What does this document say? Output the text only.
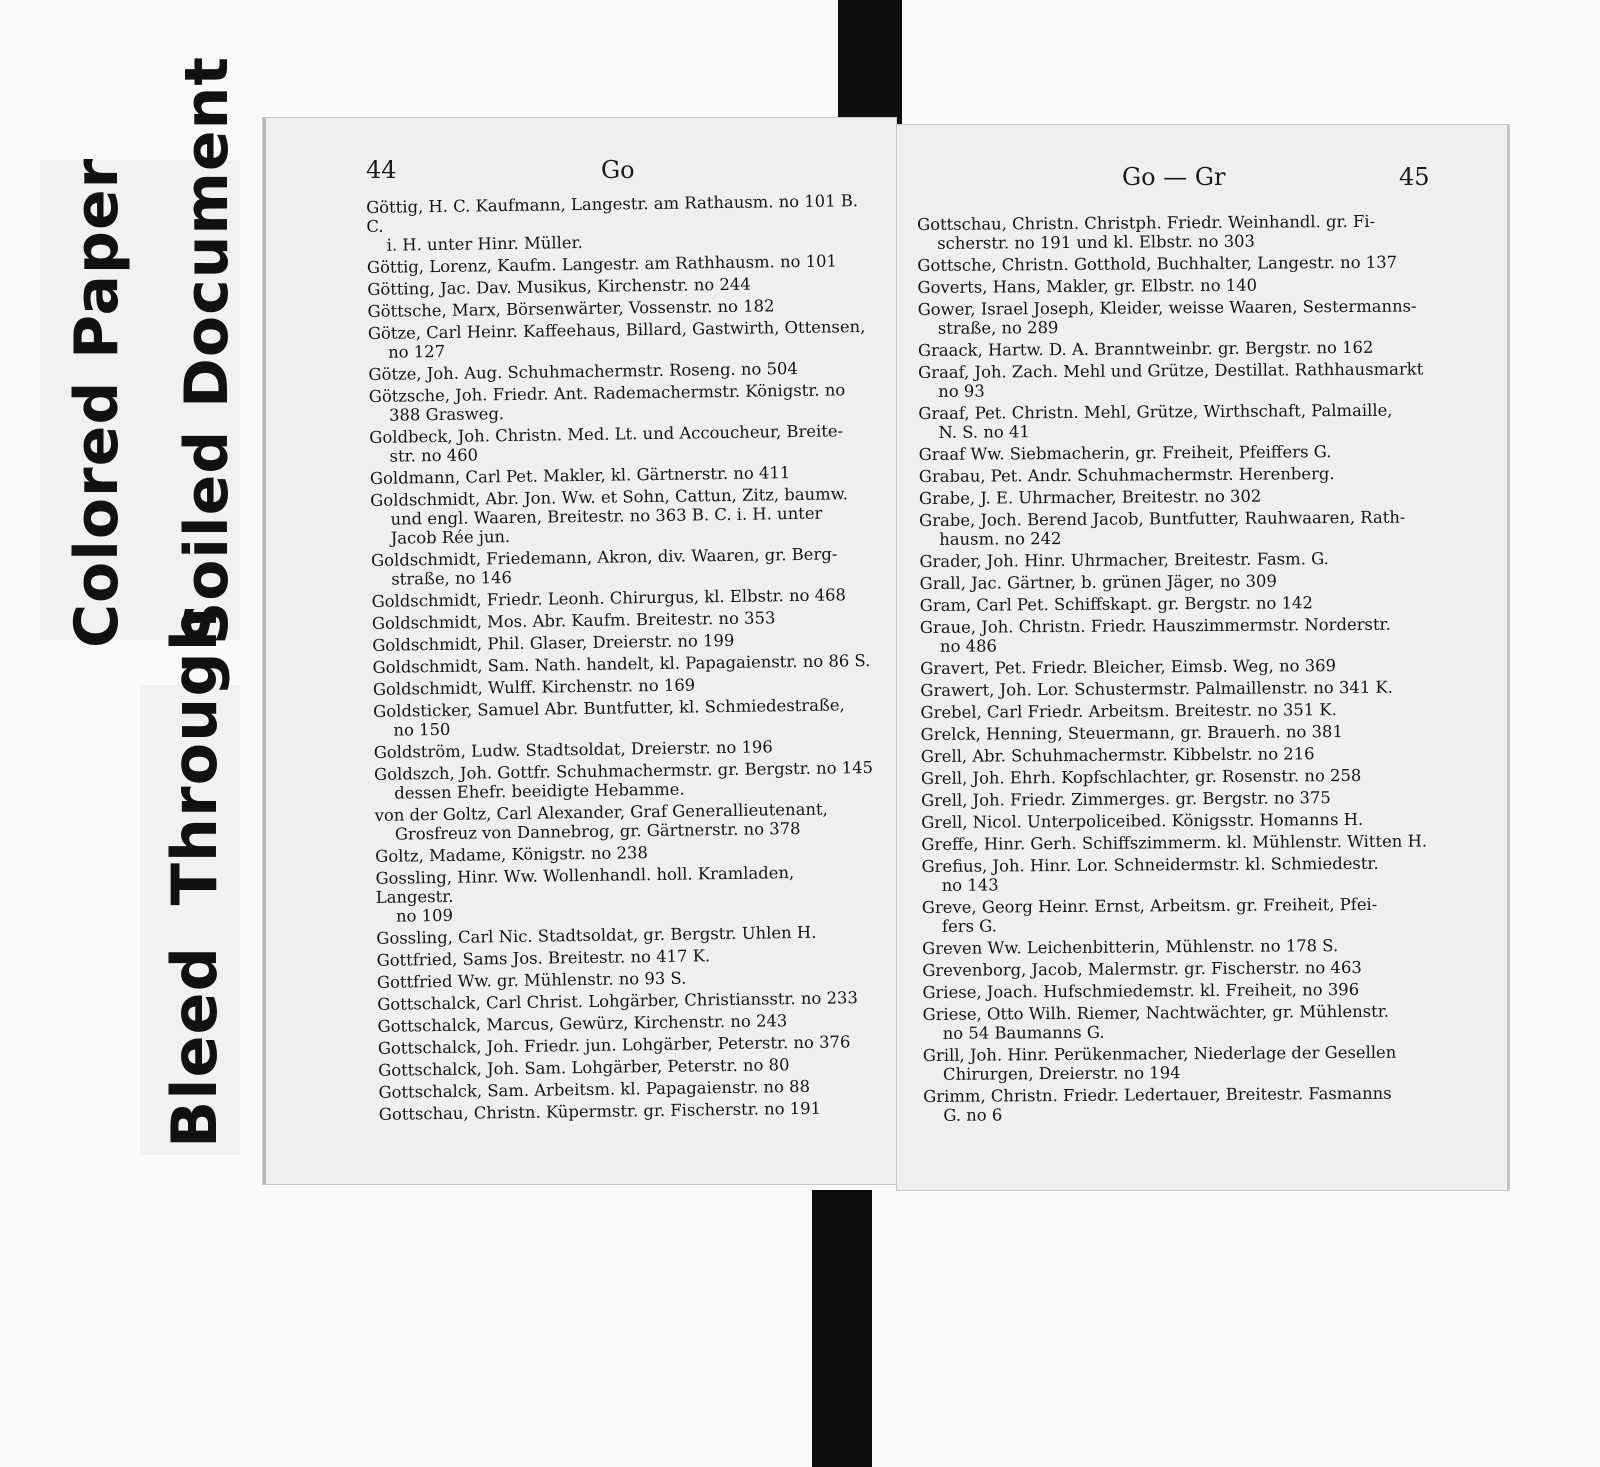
Colored Paper Soiled Document
Bleed Through
44	Go
Göttig, H. C. Kaufmann, Langestr. am Rathausm. no 101 B. C.

i. H. unter Hinr. Müller.
Göttig, Lorenz, Kaufm. Langestr. am Rathhausm. no 101
Götting, Jac. Dav. Musikus, Kirchenstr. no 244
Göttsche, Marx, Börsenwärter, Vossenstr. no 182
Götze, Carl Heinr. Kaffeehaus, Billard, Gastwirth, Ottensen,

no 127
Götze, Joh. Aug. Schuhmachermstr. Roseng. no 504
Götzsche, Joh. Friedr. Ant. Rademachermstr. Königstr. no

388 Grasweg.
Goldbeck, Joh. Christn. Med. Lt. und Accoucheur, Breite-

str. no 460
Goldmann, Carl Pet. Makler, kl. Gärtnerstr. no 411
Goldschmidt, Abr. Jon. Ww. et Sohn, Cattun, Zitz, baumw.

und engl. Waaren, Breitestr. no 363 B. C. i. H. unter
Jacob Rée jun.
Goldschmidt, Friedemann, Akron, div. Waaren, gr. Berg-

straße, no 146
Goldschmidt, Friedr. Leonh. Chirurgus, kl. Elbstr. no 468
Goldschmidt, Mos. Abr. Kaufm. Breitestr. no 353
Goldschmidt, Phil. Glaser, Dreierstr. no 199
Goldschmidt, Sam. Nath. handelt, kl. Papagaienstr. no 86 S.
Goldschmidt, Wulff. Kirchenstr. no 169
Goldsticker, Samuel Abr. Buntfutter, kl. Schmiedestraße,

no 150
Goldström, Ludw. Stadtsoldat, Dreierstr. no 196
Goldszch, Joh. Gottfr. Schuhmachermstr. gr. Bergstr. no 145

dessen Ehefr. beeidigte Hebamme.
von der Goltz, Carl Alexander, Graf Generallieutenant,

Grosfreuz von Dannebrog, gr. Gärtnerstr. no 378
Goltz, Madame, Königstr. no 238
Gossling, Hinr. Ww. Wollenhandl. holl. Kramladen, Langestr.

no 109
Gossling, Carl Nic. Stadtsoldat, gr. Bergstr. Uhlen H.
Gottfried, Sams Jos. Breitestr. no 417 K.
Gottfried Ww. gr. Mühlenstr. no 93 S.
Gottschalck, Carl Christ. Lohgärber, Christiansstr. no 233
Gottschalck, Marcus, Gewürz, Kirchenstr. no 243
Gottschalck, Joh. Friedr. jun. Lohgärber, Peterstr. no 376
Gottschalck, Joh. Sam. Lohgärber, Peterstr. no 80
Gottschalck, Sam. Arbeitsm. kl. Papagaienstr. no 88
Gottschau, Christn. Küpermstr. gr. Fischerstr. no 191
Go — Gr	45
Gottschau, Christn. Christph. Friedr. Weinhandl. gr. Fi-

scherstr. no 191 und kl. Elbstr. no 303
Gottsche, Christn. Gotthold, Buchhalter, Langestr. no 137
Goverts, Hans, Makler, gr. Elbstr. no 140
Gower, Israel Joseph, Kleider, weisse Waaren, Sestermanns-

straße, no 289
Graack, Hartw. D. A. Branntweinbr. gr. Bergstr. no 162
Graaf, Joh. Zach. Mehl und Grütze, Destillat. Rathhausmarkt

no 93
Graaf, Pet. Christn. Mehl, Grütze, Wirthschaft, Palmaille,

N. S. no 41
Graaf Ww. Siebmacherin, gr. Freiheit, Pfeiffers G.
Grabau, Pet. Andr. Schuhmachermstr. Herenberg.
Grabe, J. E. Uhrmacher, Breitestr. no 302
Grabe, Joch. Berend Jacob, Buntfutter, Rauhwaaren, Rath-

hausm. no 242
Grader, Joh. Hinr. Uhrmacher, Breitestr. Fasm. G.
Grall, Jac. Gärtner, b. grünen Jäger, no 309
Gram, Carl Pet. Schiffskapt. gr. Bergstr. no 142
Graue, Joh. Christn. Friedr. Hauszimmermstr. Norderstr.

no 486
Gravert, Pet. Friedr. Bleicher, Eimsb. Weg, no 369
Grawert, Joh. Lor. Schustermstr. Palmaillenstr. no 341 K.
Grebel, Carl Friedr. Arbeitsm. Breitestr. no 351 K.
Grelck, Henning, Steuermann, gr. Brauerh. no 381
Grell, Abr. Schuhmachermstr. Kibbelstr. no 216
Grell, Joh. Ehrh. Kopfschlachter, gr. Rosenstr. no 258
Grell, Joh. Friedr. Zimmerges. gr. Bergstr. no 375
Grell, Nicol. Unterpoliceibed. Königsstr. Homanns H.
Greffe, Hinr. Gerh. Schiffszimmerm. kl. Mühlenstr. Witten H.
Grefius, Joh. Hinr. Lor. Schneidermstr. kl. Schmiedestr.

no 143
Greve, Georg Heinr. Ernst, Arbeitsm. gr. Freiheit, Pfei-

fers G.
Greven Ww. Leichenbitterin, Mühlenstr. no 178 S.
Grevenborg, Jacob, Malermstr. gr. Fischerstr. no 463
Griese, Joach. Hufschmiedemstr. kl. Freiheit, no 396
Griese, Otto Wilh. Riemer, Nachtwächter, gr. Mühlenstr.

no 54 Baumanns G.
Grill, Joh. Hinr. Perükenmacher, Niederlage der Gesellen

Chirurgen, Dreierstr. no 194
Grimm, Christn. Friedr. Ledertauer, Breitestr. Fasmanns

G. no 6
